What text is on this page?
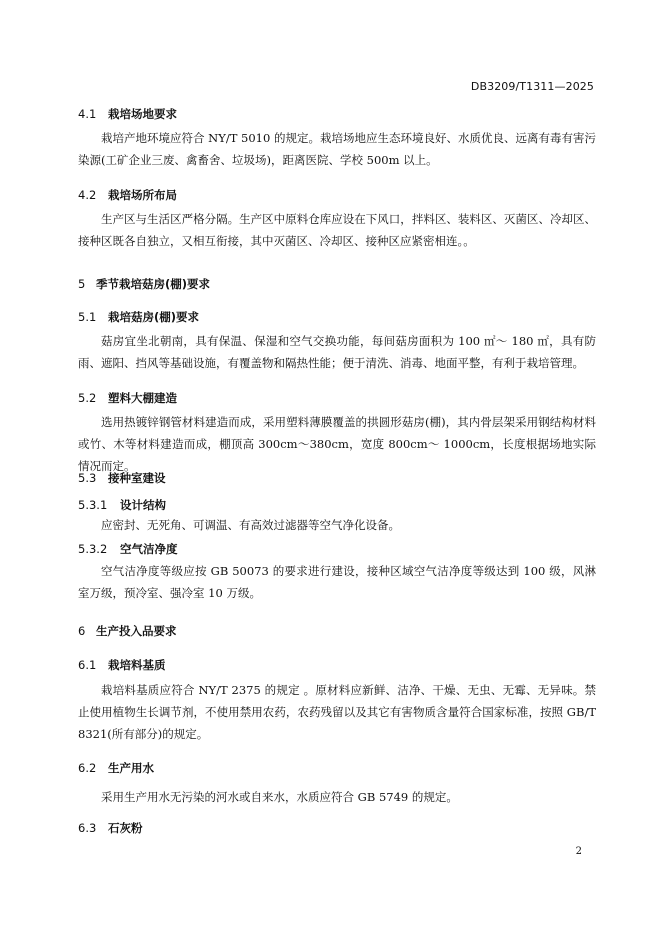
DB3209/T1311—2025
4.1 栽培场地要求
栽培产地环境应符合 NY/T 5010 的规定。栽培场地应生态环境良好、水质优良、远离有毒有害污染源(工矿企业三废、禽畜舍、垃圾场)，距离医院、学校 500m 以上。
4.2 栽培场所布局
生产区与生活区严格分隔。生产区中原料仓库应设在下风口，拌料区、装料区、灭菌区、冷却区、接种区既各自独立，又相互衔接，其中灭菌区、冷却区、接种区应紧密相连。。
5 季节栽培菇房(棚)要求
5.1 栽培菇房(棚)要求
菇房宜坐北朝南，具有保温、保湿和空气交换功能，每间菇房面积为 100 ㎡～ 180 ㎡，具有防雨、遮阳、挡风等基础设施，有覆盖物和隔热性能；便于清洗、消毒、地面平整，有利于栽培管理。
5.2 塑料大棚建造
选用热镀锌钢管材料建造而成，采用塑料薄膜覆盖的拱圆形菇房(棚)，其内骨层架采用钢结构材料或竹、木等材料建造而成，棚顶高 300cm～380cm，宽度 800cm～ 1000cm，长度根据场地实际情况而定。
5.3 接种室建设
5.3.1 设计结构
应密封、无死角、可调温、有高效过滤器等空气净化设备。
5.3.2 空气洁净度
空气洁净度等级应按 GB 50073 的要求进行建设，接种区域空气洁净度等级达到 100 级，风淋室万级，预冷室、强冷室 10 万级。
6 生产投入品要求
6.1 栽培料基质
栽培料基质应符合 NY/T 2375 的规定 。原材料应新鲜、洁净、干燥、无虫、无霉、无异味。禁止使用植物生长调节剂，不使用禁用农药，农药残留以及其它有害物质含量符合国家标准，按照 GB/T 8321(所有部分)的规定。
6.2 生产用水
采用生产用水无污染的河水或自来水，水质应符合 GB 5749 的规定。
6.3 石灰粉
2
